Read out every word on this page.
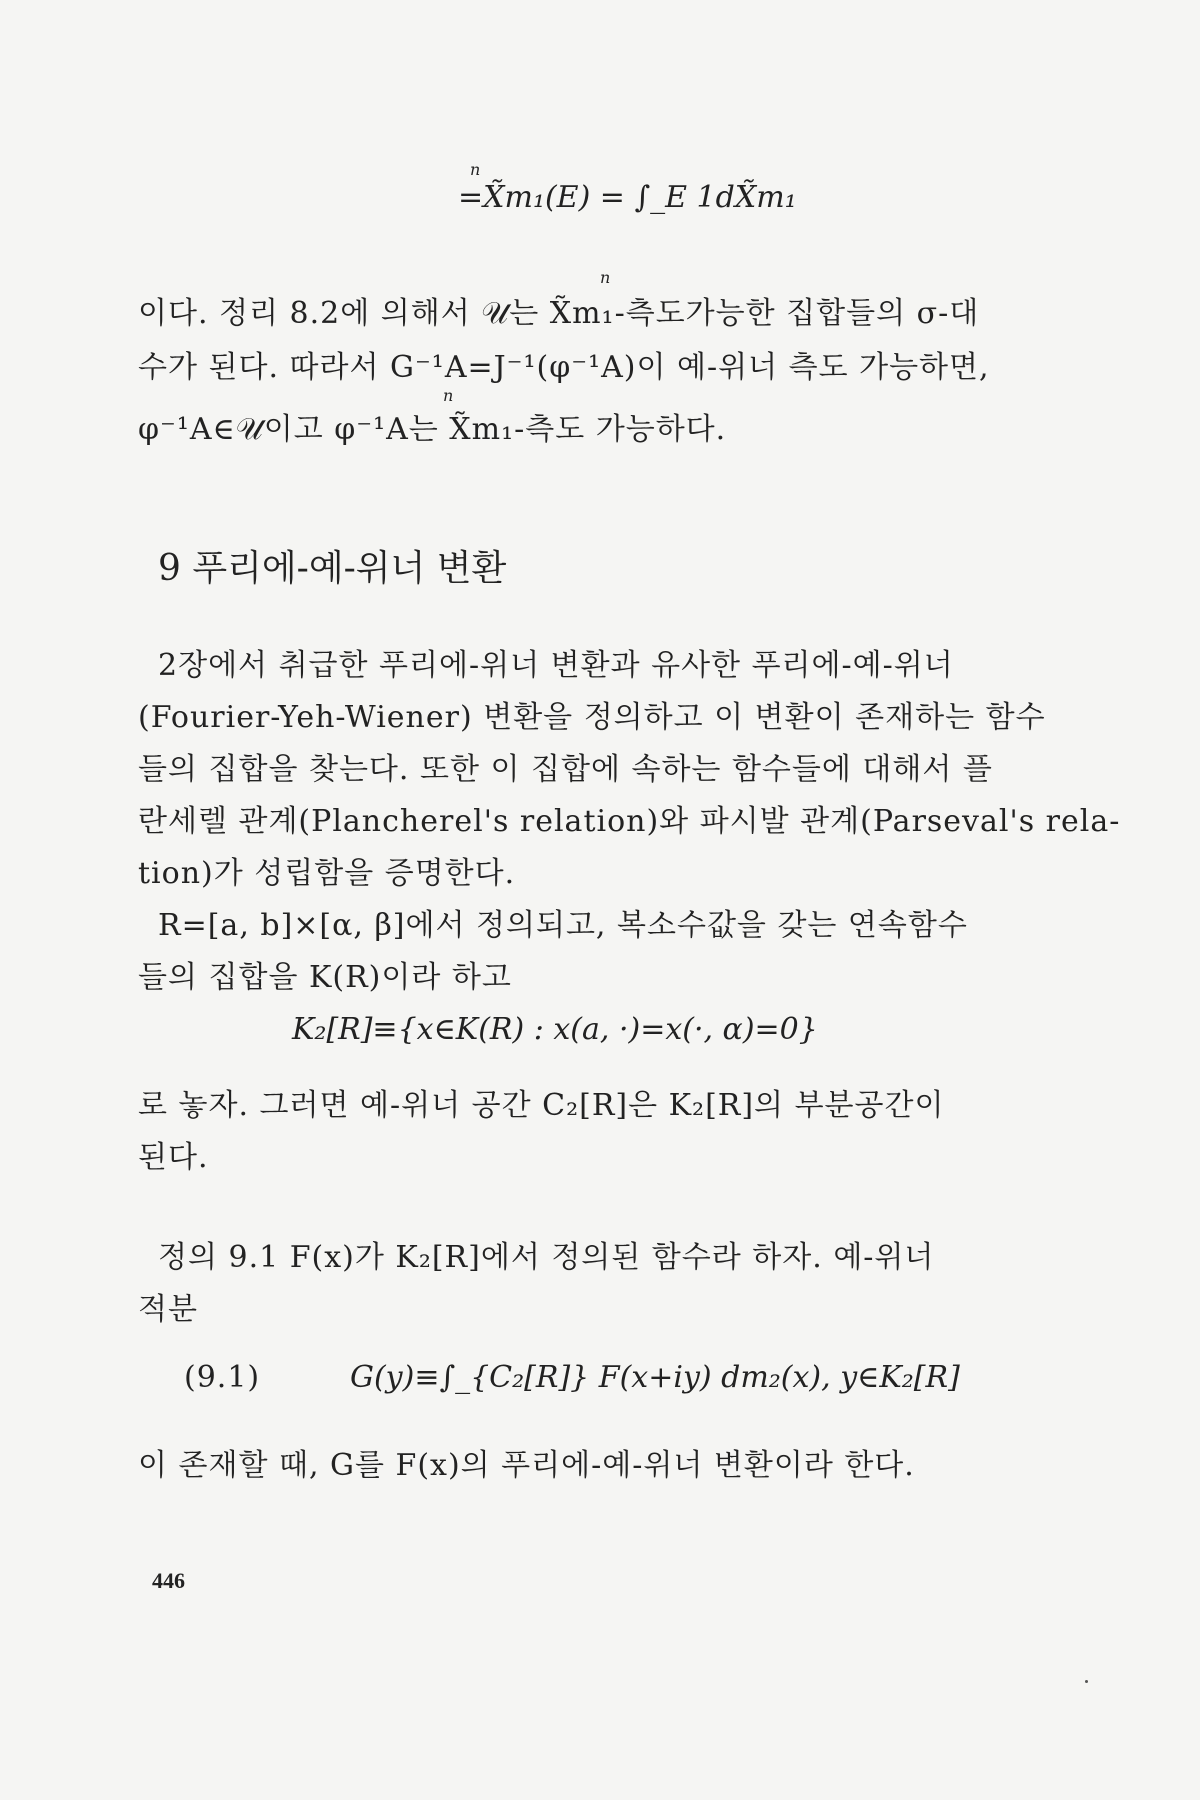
n
=X̃m₁(E) = ∫_E 1dX̃m₁
n
이다. 정리 8.2에 의해서 𝒰는 X̃m₁-측도가능한 집합들의 σ-대
수가 된다. 따라서 G⁻¹A=J⁻¹(φ⁻¹A)이 예-위너 측도 가능하면,
n
φ⁻¹A∈𝒰이고 φ⁻¹A는 X̃m₁-측도 가능하다.
9 푸리에-예-위너 변환
2장에서 취급한 푸리에-위너 변환과 유사한 푸리에-예-위너
(Fourier-Yeh-Wiener) 변환을 정의하고 이 변환이 존재하는 함수
들의 집합을 찾는다. 또한 이 집합에 속하는 함수들에 대해서 플
란세렐 관계(Plancherel's relation)와 파시발 관계(Parseval's rela-
tion)가 성립함을 증명한다.
R=[a, b]×[α, β]에서 정의되고, 복소수값을 갖는 연속함수
들의 집합을 K(R)이라 하고
K₂[R]≡{x∈K(R) : x(a, ·)=x(·, α)=0}
로 놓자. 그러면 예-위너 공간 C₂[R]은 K₂[R]의 부분공간이
된다.
정의 9.1 F(x)가 K₂[R]에서 정의된 함수라 하자. 예-위너
적분
(9.1)	G(y)≡∫_{C₂[R]} F(x+iy) dm₂(x), y∈K₂[R]
이 존재할 때, G를 F(x)의 푸리에-예-위너 변환이라 한다.
446
